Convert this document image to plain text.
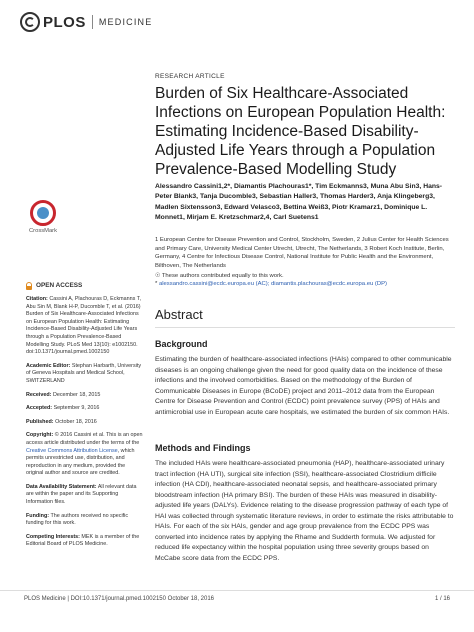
PLOS MEDICINE
RESEARCH ARTICLE
Burden of Six Healthcare-Associated Infections on European Population Health: Estimating Incidence-Based Disability-Adjusted Life Years through a Population Prevalence-Based Modelling Study
Alessandro Cassini1,2*, Diamantis Plachouras1*, Tim Eckmanns3, Muna Abu Sin3, Hans-Peter Blank3, Tanja Ducomble3, Sebastian Haller3, Thomas Harder3, Anja Klingeberg3, Madlen Sixtensson3, Edward Velasco3, Bettina Weiß3, Piotr Kramarz1, Dominique L. Monnet1, Mirjam E. Kretzschmar2,4, Carl Suetens1
1 European Centre for Disease Prevention and Control, Stockholm, Sweden, 2 Julius Center for Health Sciences and Primary Care, University Medical Center Utrecht, Utrecht, The Netherlands, 3 Robert Koch Institute, Berlin, Germany, 4 Centre for Infectious Disease Control, National Institute for Public Health and the Environment, Bilthoven, The Netherlands
☉ These authors contributed equally to this work.
* alessandro.cassini@ecdc.europa.eu (AC); diamantis.plachouras@ecdc.europa.eu (DP)
CrossMark
OPEN ACCESS

Citation: Cassini A, Plachouras D, Eckmanns T, Abu Sin M, Blank H-P, Ducomble T, et al. (2016) Burden of Six Healthcare-Associated Infections on European Population Health: Estimating Incidence-Based Disability-Adjusted Life Years through a Population Prevalence-Based Modelling Study. PLoS Med 13(10): e1002150. doi:10.1371/journal.pmed.1002150

Academic Editor: Stephan Harbarth, University of Geneva Hospitals and Medical School, SWITZERLAND

Received: December 18, 2015

Accepted: September 9, 2016

Published: October 18, 2016

Copyright: © 2016 Cassini et al. This is an open access article distributed under the terms of the Creative Commons Attribution License, which permits unrestricted use, distribution, and reproduction in any medium, provided the original author and source are credited.

Data Availability Statement: All relevant data are within the paper and its Supporting Information files.

Funding: The authors received no specific funding for this work.

Competing Interests: MEK is a member of the Editorial Board of PLOS Medicine.

Abstract
Background
Estimating the burden of healthcare-associated infections (HAIs) compared to other communicable diseases is an ongoing challenge given the need for good quality data on the incidence of these infections and the involved comorbidities. Based on the methodology of the Burden of Communicable Diseases in Europe (BCoDE) project and 2011–2012 data from the European Centre for Disease Prevention and Control (ECDC) point prevalence survey (PPS) of HAIs and antimicrobial use in European acute care hospitals, we estimated the burden of six common HAIs.
Methods and Findings
The included HAIs were healthcare-associated pneumonia (HAP), healthcare-associated urinary tract infection (HA UTI), surgical site infection (SSI), healthcare-associated Clostridium difficile infection (HA CDI), healthcare-associated neonatal sepsis, and healthcare-associated primary bloodstream infection (HA primary BSI). The burden of these HAIs was measured in disability-adjusted life years (DALYs). Evidence relating to the disease progression pathway of each type of HAI was collected through systematic literature reviews, in order to estimate the risks attributable to HAIs. For each of the six HAIs, gender and age group prevalence from the ECDC PPS was converted into incidence rates by applying the Rhame and Sudderth formula. We adjusted for reduced life expectancy within the hospital population using three severity groups based on McCabe score data from the ECDC PPS.
PLOS Medicine | DOI:10.1371/journal.pmed.1002150 October 18, 2016	1 / 16
